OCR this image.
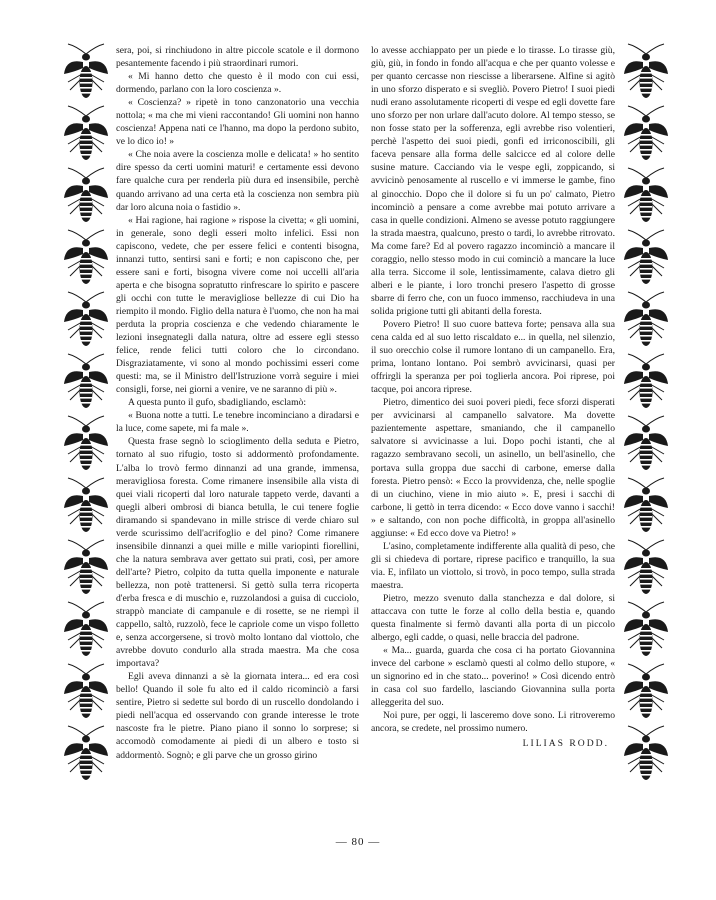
sera, poi, si rinchiudono in altre piccole scatole e il dormono pesantemente facendo i più straordinari rumori.

« Mi hanno detto che questo è il modo con cui essi, dormendo, parlano con la loro coscienza ».

« Coscienza? » ripetè in tono canzonatorio una vecchia nottola; « ma che mi vieni raccontando! Gli uomini non hanno coscienza! Appena nati ce l'hanno, ma dopo la perdono subito, ve lo dico io! »

« Che noia avere la coscienza molle e delicata! » ho sentito dire spesso da certi uomini maturi! e certamente essi devono fare qualche cura per renderla più dura ed insensibile, perchè quando arrivano ad una certa età la coscienza non sembra più dar loro alcuna noia o fastidio ».

« Hai ragione, hai ragione » rispose la civetta; « gli uomini, in generale, sono degli esseri molto infelici. Essi non capiscono, vedete, che per essere felici e contenti bisogna, innanzi tutto, sentirsi sani e forti; e non capiscono che, per essere sani e forti, bisogna vivere come noi uccelli all'aria aperta e che bisogna sopratutto rinfrescare lo spirito e pascere gli occhi con tutte le meravigliose bellezze di cui Dio ha riempito il mondo. Figlio della natura è l'uomo, che non ha mai perduta la propria coscienza e che vedendo chiaramente le lezioni insegnategli dalla natura, oltre ad essere egli stesso felice, rende felici tutti coloro che lo circondano. Disgraziatamente, vi sono al mondo pochissimi esseri come questi: ma, se il Ministro dell'Istruzione vorrà seguire i miei consigli, forse, nei giorni a venire, ve ne saranno di più ».

A questa punto il gufo, sbadigliando, esclamò:

« Buona notte a tutti. Le tenebre incominciano a diradarsi e la luce, come sapete, mi fa male ».

Questa frase segnò lo scioglimento della seduta e Pietro, tornato al suo rifugio, tosto si addormentò profondamente. L'alba lo trovò fermo dinnanzi ad una grande, immensa, meravigliosa foresta. Come rimanere insensibile alla vista di quei viali ricoperti dal loro naturale tappeto verde, davanti a quegli alberi ombrosi di bianca betulla, le cui tenere foglie diramando si spandevano in mille strisce di verde chiaro sul verde scurissimo dell'acrifoglio e del pino? Come rimanere insensibile dinnanzi a quei mille e mille variopinti fiorellini, che la natura sembrava aver gettato sui prati, così, per amore dell'arte? Pietro, colpito da tutta quella imponente e naturale bellezza, non potè trattenersi. Si gettò sulla terra ricoperta d'erba fresca e di muschio e, ruzzolandosi a guisa di cucciolo, strappò manciate di campanule e di rosette, se ne riempì il cappello, saltò, ruzzolò, fece le capriole come un vispo folletto e, senza accorgersene, si trovò molto lontano dal viottolo, che avrebbe dovuto condurlo alla strada maestra. Ma che cosa importava?

Egli aveva dinnanzi a sè la giornata intera... ed era così bello! Quando il sole fu alto ed il caldo ricominciò a farsi sentire, Pietro si sedette sul bordo di un ruscello dondolando i piedi nell'acqua ed osservando con grande interesse le trote nascoste fra le pietre. Piano piano il sonno lo sorprese; si accomodò comodamente ai piedi di un albero e tosto si addormentò. Sognò; e gli parve che un grosso girino

lo avesse acchiappato per un piede e lo tirasse. Lo tirasse giù, giù, giù, in fondo in fondo all'acqua e che per quanto volesse e per quanto cercasse non riescisse a liberarsene. Alfine si agitò in uno sforzo disperato e si svegliò. Povero Pietro! I suoi piedi nudi erano assolutamente ricoperti di vespe ed egli dovette fare uno sforzo per non urlare dall'acuto dolore. Al tempo stesso, se non fosse stato per la sofferenza, egli avrebbe riso volentieri, perchè l'aspetto dei suoi piedi, gonfi ed irriconoscibili, gli faceva pensare alla forma delle salcicce ed al colore delle susine mature. Cacciando via le vespe egli, zoppicando, si avvicinò penosamente al ruscello e vi immerse le gambe, fino al ginocchio. Dopo che il dolore si fu un po' calmato, Pietro incominciò a pensare a come avrebbe mai potuto arrivare a casa in quelle condizioni. Almeno se avesse potuto raggiungere la strada maestra, qualcuno, presto o tardi, lo avrebbe ritrovato. Ma come fare? Ed al povero ragazzo incominciò a mancare il coraggio, nello stesso modo in cui cominciò a mancare la luce alla terra. Siccome il sole, lentissimamente, calava dietro gli alberi e le piante, i loro tronchi presero l'aspetto di grosse sbarre di ferro che, con un fuoco immenso, racchiudeva in una solida prigione tutti gli abitanti della foresta.

Povero Pietro! Il suo cuore batteva forte; pensava alla sua cena calda ed al suo letto riscaldato e... in quella, nel silenzio, il suo orecchio colse il rumore lontano di un campanello. Era, prima, lontano lontano. Poi sembrò avvicinarsi, quasi per offrirgli la speranza per poi toglierla ancora. Poi riprese, poi tacque, poi ancora riprese.

Pietro, dimentico dei suoi poveri piedi, fece sforzi disperati per avvicinarsi al campanello salvatore. Ma dovette pazientemente aspettare, smaniando, che il campanello salvatore si avvicinasse a lui. Dopo pochi istanti, che al ragazzo sembravano secoli, un asinello, un bell'asinello, che portava sulla groppa due sacchi di carbone, emerse dalla foresta. Pietro pensò: « Ecco la provvidenza, che, nelle spoglie di un ciuchino, viene in mio aiuto ». E, presi i sacchi di carbone, li gettò in terra dicendo: « Ecco dove vanno i sacchi! » e saltando, con non poche difficoltà, in groppa all'asinello aggiunse: « Ed ecco dove va Pietro! »

L'asino, completamente indifferente alla qualità di peso, che gli si chiedeva di portare, riprese pacifico e tranquillo, la sua via. E, infilato un viottolo, si trovò, in poco tempo, sulla strada maestra.

Pietro, mezzo svenuto dalla stanchezza e dal dolore, si attaccava con tutte le forze al collo della bestia e, quando questa finalmente si fermò davanti alla porta di un piccolo albergo, egli cadde, o quasi, nelle braccia del padrone.

« Ma... guarda, guarda che cosa ci ha portato Giovannina invece del carbone » esclamò questi al colmo dello stupore, « un signorino ed in che stato... poverino! » Così dicendo entrò in casa col suo fardello, lasciando Giovannina sulla porta alleggerita del suo.

Noi pure, per oggi, li lasceremo dove sono. Li ritroveremo ancora, se credete, nel prossimo numero.

LILIAS RODD.
— 80 —
